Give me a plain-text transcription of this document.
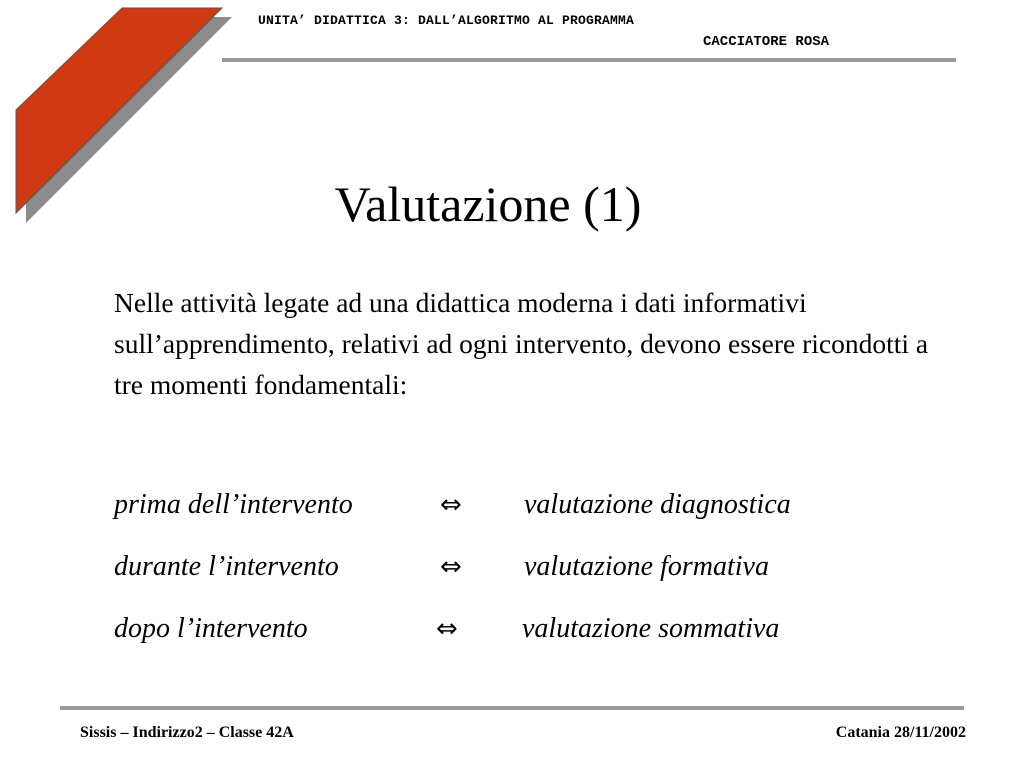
UNITA’ DIDATTICA 3: DALL’ALGORITMO AL PROGRAMMA
CACCIATORE ROSA
Valutazione (1)

Nelle attività legate ad una didattica moderna i dati informativi sull’apprendimento, relativi ad ogni intervento, devono essere ricondotti a tre momenti fondamentali:

prima dell’intervento	⇔ valutazione diagnostica
durante l’intervento	⇔ valutazione formativa
dopo l’intervento	⇔ valutazione sommativa
Sissis – Indirizzo2 – Classe 42A	Catania 28/11/2002
